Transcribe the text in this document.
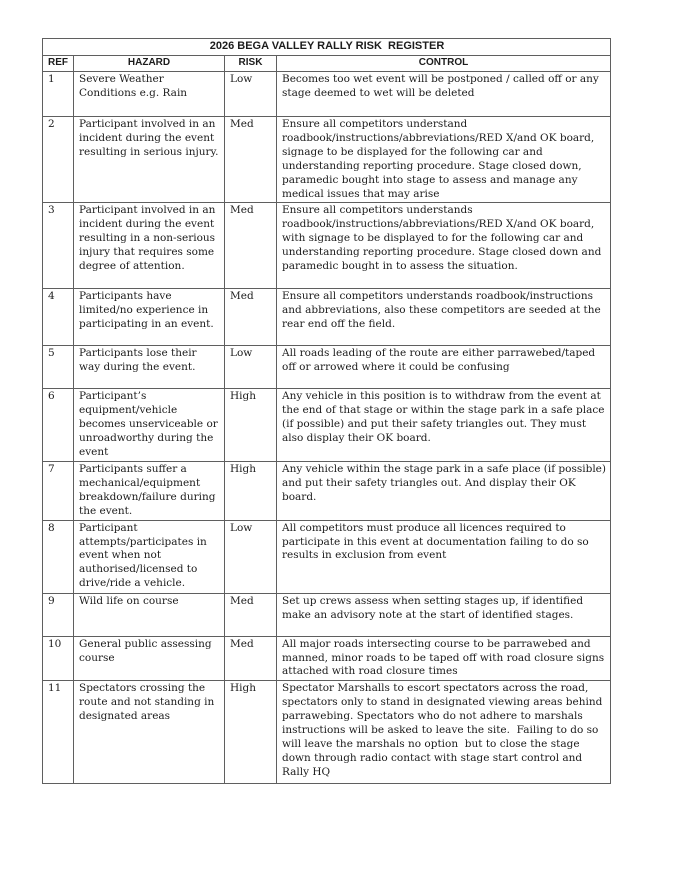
2026 BEGA VALLEY RALLY RISK  REGISTER			
REF	HAZARD	RISK	CONTROL
1	Severe Weather Conditions e.g. Rain	Low	Becomes too wet event will be postponed / called off or any stage deemed to wet will be deleted
2	Participant involved in an incident during the event resulting in serious injury.	Med	Ensure all competitors understand roadbook/instructions/abbreviations/RED X/and OK board, signage to be displayed for the following car and understanding reporting procedure. Stage closed down, paramedic bought into stage to assess and manage any medical issues that may arise
3	Participant involved in an incident during the event resulting in a non-serious injury that requires some degree of attention.	Med	Ensure all competitors understands roadbook/instructions/abbreviations/RED X/and OK board, with signage to be displayed to for the following car and understanding reporting procedure. Stage closed down and paramedic bought in to assess the situation.
4	Participants have limited/no experience in participating in an event.	Med	Ensure all competitors understands roadbook/instructions and abbreviations, also these competitors are seeded at the rear end off the field.
5	Participants lose their way during the event.	Low	All roads leading of the route are either parrawebed/taped off or arrowed where it could be confusing
6	Participant’s equipment/vehicle becomes unserviceable or unroadworthy during the event	High	Any vehicle in this position is to withdraw from the event at the end of that stage or within the stage park in a safe place (if possible) and put their safety triangles out. They must also display their OK board.
7	Participants suffer a mechanical/equipment breakdown/failure during the event.	High	Any vehicle within the stage park in a safe place (if possible) and put their safety triangles out. And display their OK board.
8	Participant attempts/participates in event when not authorised/licensed to drive/ride a vehicle.	Low	All competitors must produce all licences required to participate in this event at documentation failing to do so results in exclusion from event
9	Wild life on course	Med	Set up crews assess when setting stages up, if identified make an advisory note at the start of identified stages.
10	General public assessing course	Med	All major roads intersecting course to be parrawebed and manned, minor roads to be taped off with road closure signs attached with road closure times
11	Spectators crossing the route and not standing in designated areas	High	Spectator Marshalls to escort spectators across the road, spectators only to stand in designated viewing areas behind parrawebing. Spectators who do not adhere to marshals instructions will be asked to leave the site.  Failing to do so will leave the marshals no option  but to close the stage down through radio contact with stage start control and Rally HQ
